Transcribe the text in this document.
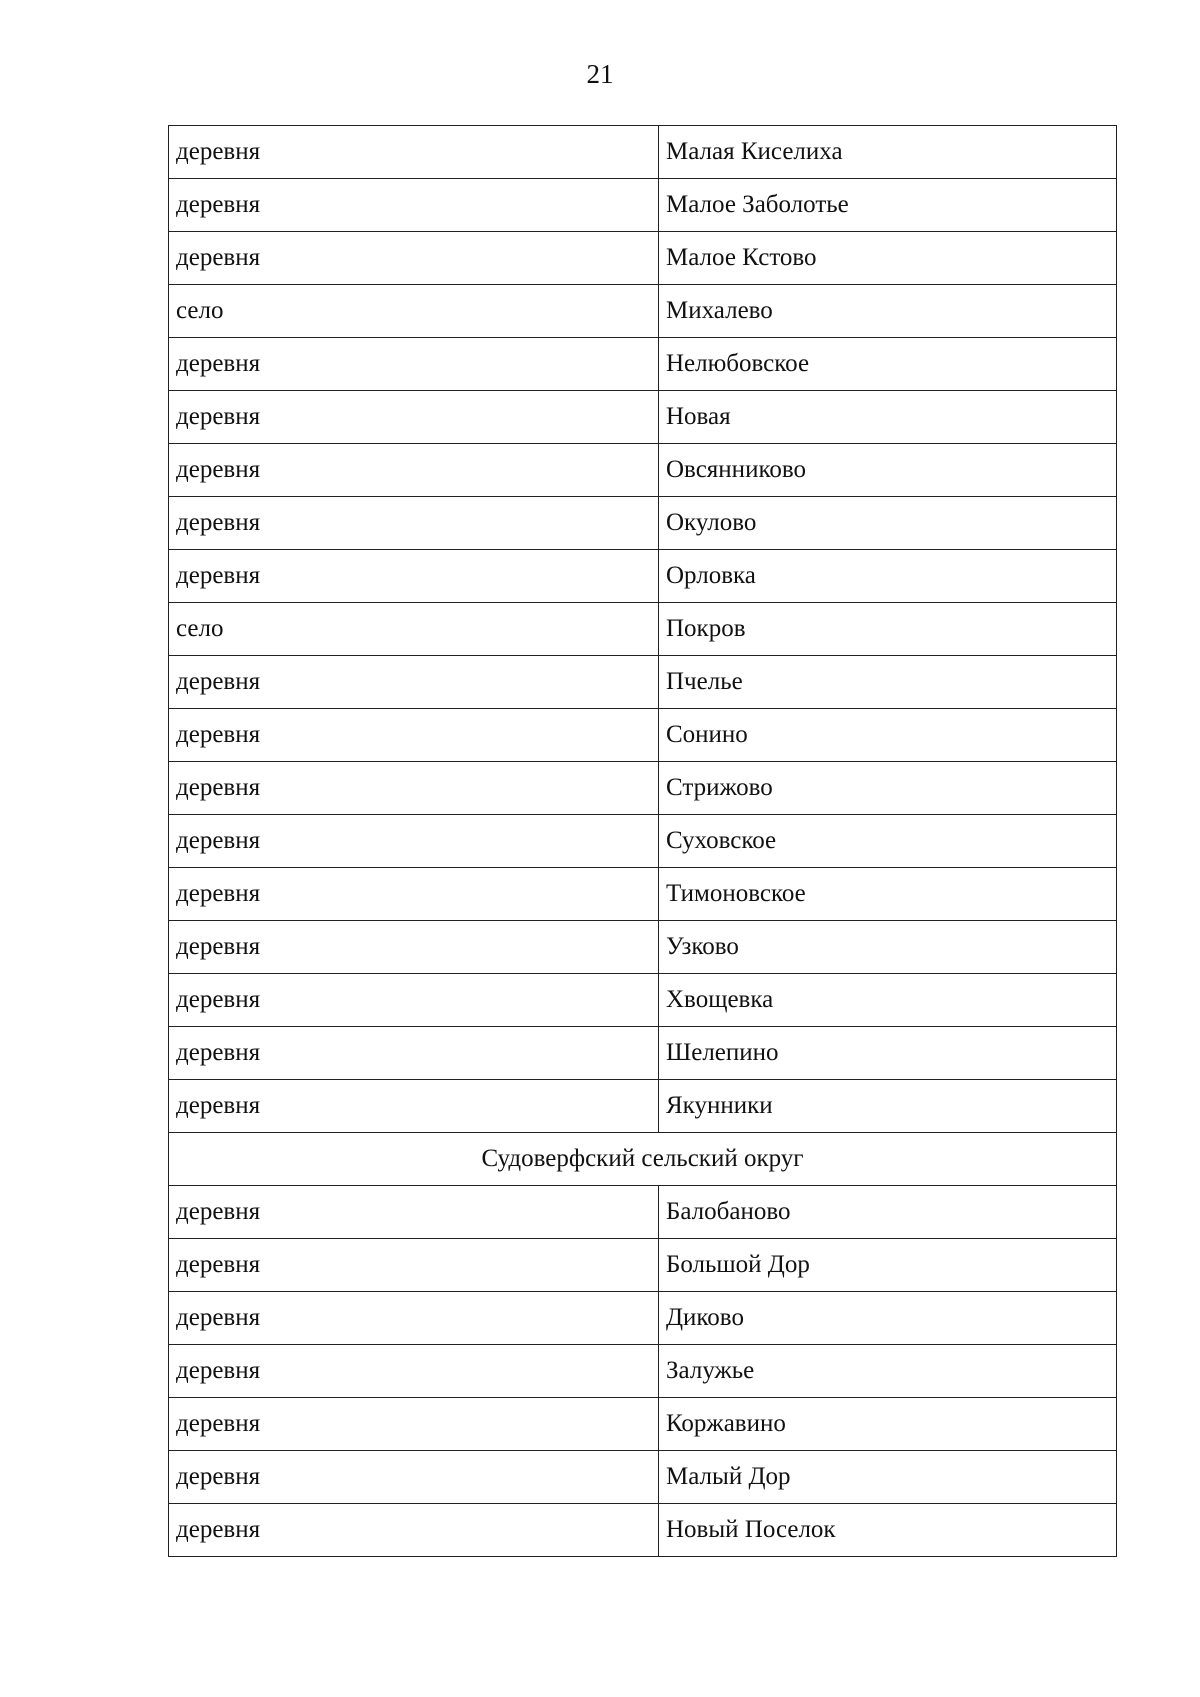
21
деревня	Малая Киселиха
деревня	Малое Заболотье
деревня	Малое Кстово
село	Михалево
деревня	Нелюбовское
деревня	Новая
деревня	Овсянниково
деревня	Окулово
деревня	Орловка
село	Покров
деревня	Пчелье
деревня	Сонино
деревня	Стрижово
деревня	Суховское
деревня	Тимоновское
деревня	Узково
деревня	Хвощевка
деревня	Шелепино
деревня	Якунники
Судоверфский сельский округ	
деревня	Балобаново
деревня	Большой Дор
деревня	Диково
деревня	Залужье
деревня	Коржавино
деревня	Малый Дор
деревня	Новый Поселок
